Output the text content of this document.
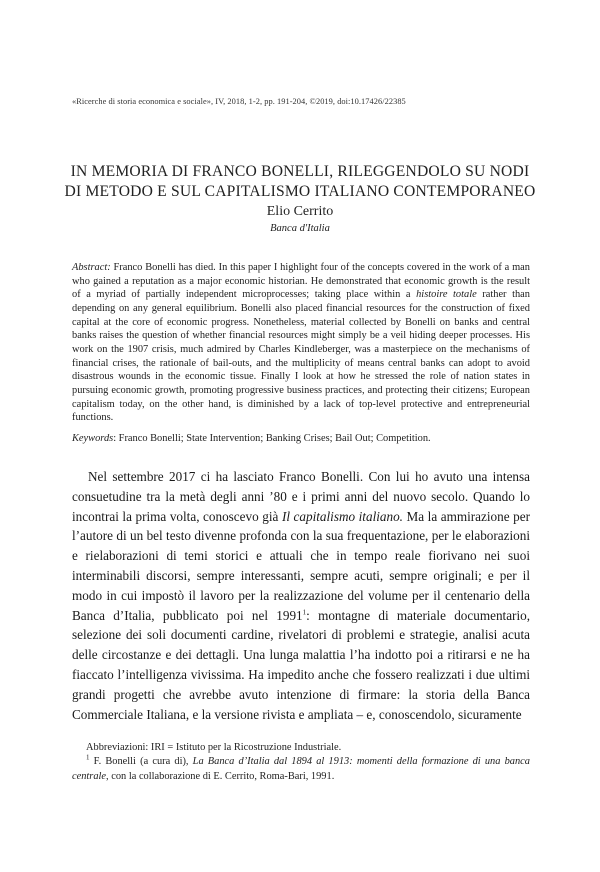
«Ricerche di storia economica e sociale», IV, 2018, 1-2, pp. 191-204, ©2019, doi:10.17426/22385
IN MEMORIA DI FRANCO BONELLI, RILEGGENDOLO SU NODI
DI METODO E SUL CAPITALISMO ITALIANO CONTEMPORANEO
Elio Cerrito
Banca d'Italia
Abstract: Franco Bonelli has died. In this paper I highlight four of the concepts covered in the work of a man who gained a reputation as a major economic historian. He demonstrated that economic growth is the result of a myriad of partially independent microprocesses; taking place within a histoire totale rather than depending on any general equilibrium. Bonelli also placed financial resources for the construction of fixed capital at the core of economic progress. Nonetheless, material collected by Bonelli on banks and central banks raises the question of whether financial resources might simply be a veil hiding deeper processes. His work on the 1907 crisis, much admired by Charles Kindleberger, was a masterpiece on the mechanisms of financial crises, the rationale of bail-outs, and the multiplicity of means central banks can adopt to avoid disastrous wounds in the economic tissue. Finally I look at how he stressed the role of nation states in pursuing economic growth, promoting progressive business practices, and protecting their citizens; European capitalism today, on the other hand, is diminished by a lack of top-level protective and entrepreneurial functions.
Keywords: Franco Bonelli; State Intervention; Banking Crises; Bail Out; Competition.
Nel settembre 2017 ci ha lasciato Franco Bonelli. Con lui ho avuto una intensa consuetudine tra la metà degli anni ’80 e i primi anni del nuovo secolo. Quando lo incontrai la prima volta, conoscevo già Il capitalismo italiano. Ma la ammirazione per l’autore di un bel testo divenne profonda con la sua frequentazione, per le elaborazioni e rielaborazioni di temi storici e attuali che in tempo reale fiorivano nei suoi interminabili discorsi, sempre interessanti, sempre acuti, sempre originali; e per il modo in cui impostò il lavoro per la realizzazione del volume per il centenario della Banca d’Italia, pubblicato poi nel 1991$^1$: montagne di materiale documentario, selezione dei soli documenti cardine, rivelatori di problemi e strategie, analisi acuta delle circostanze e dei dettagli. Una lunga malattia l’ha indotto poi a ritirarsi e ne ha fiaccato l’intelligenza vivissima. Ha impedito anche che fossero realizzati i due ultimi grandi progetti che avrebbe avuto intenzione di firmare: la storia della Banca Commerciale Italiana, e la versione rivista e ampliata – e, conoscendolo, sicuramente
Abbreviazioni: IRI = Istituto per la Ricostruzione Industriale.
$^1$ F. Bonelli (a cura di), La Banca d’Italia dal 1894 al 1913: momenti della formazione di una banca centrale, con la collaborazione di E. Cerrito, Roma-Bari, 1991.
